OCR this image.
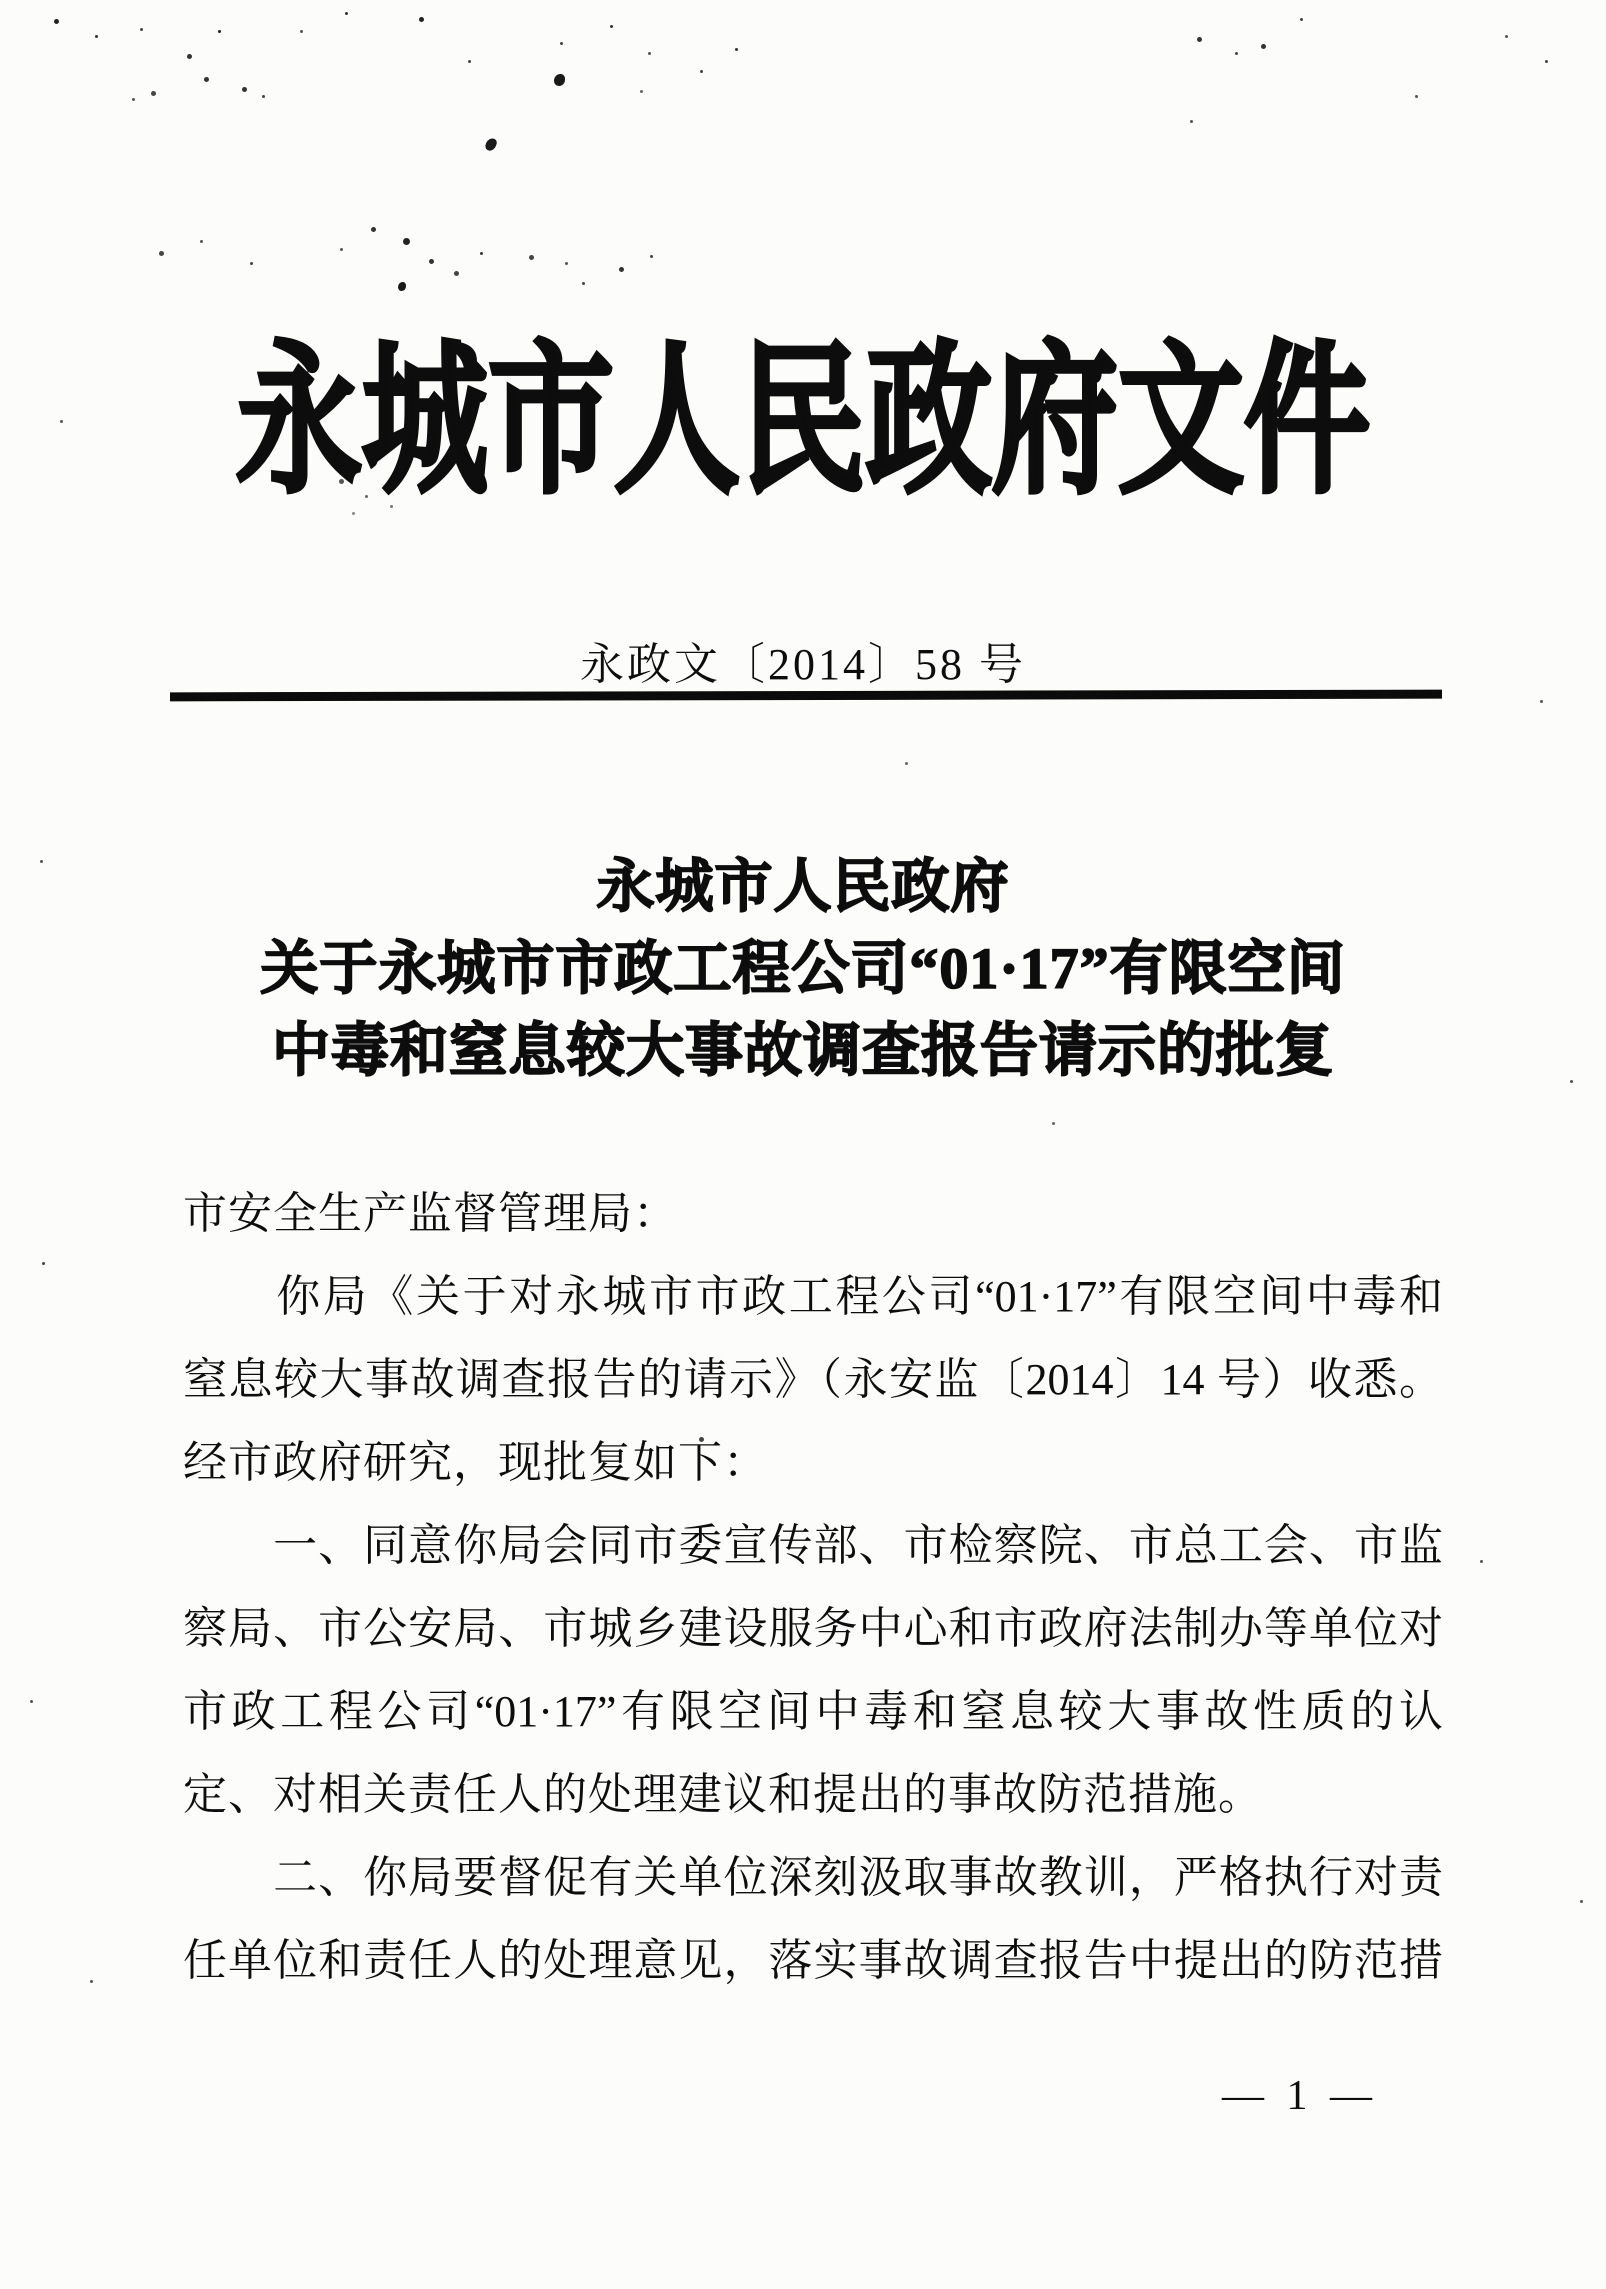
永城市人民政府文件
永政文〔2014〕58 号
永城市人民政府
关于永城市市政工程公司“01·17”有限空间
中毒和窒息较大事故调查报告请示的批复
市安全生产监督管理局：
　　你局《关于对永城市市政工程公司“01·17”有限空间中毒和
窒息较大事故调查报告的请示》（永安监〔2014〕14 号）收悉。
经市政府研究，现批复如下：
　　一、同意你局会同市委宣传部、市检察院、市总工会、市监
察局、市公安局、市城乡建设服务中心和市政府法制办等单位对
市政工程公司“01·17”有限空间中毒和窒息较大事故性质的认
定、对相关责任人的处理建议和提出的事故防范措施。
　　二、你局要督促有关单位深刻汲取事故教训，严格执行对责
任单位和责任人的处理意见，落实事故调查报告中提出的防范措
— 1 —
